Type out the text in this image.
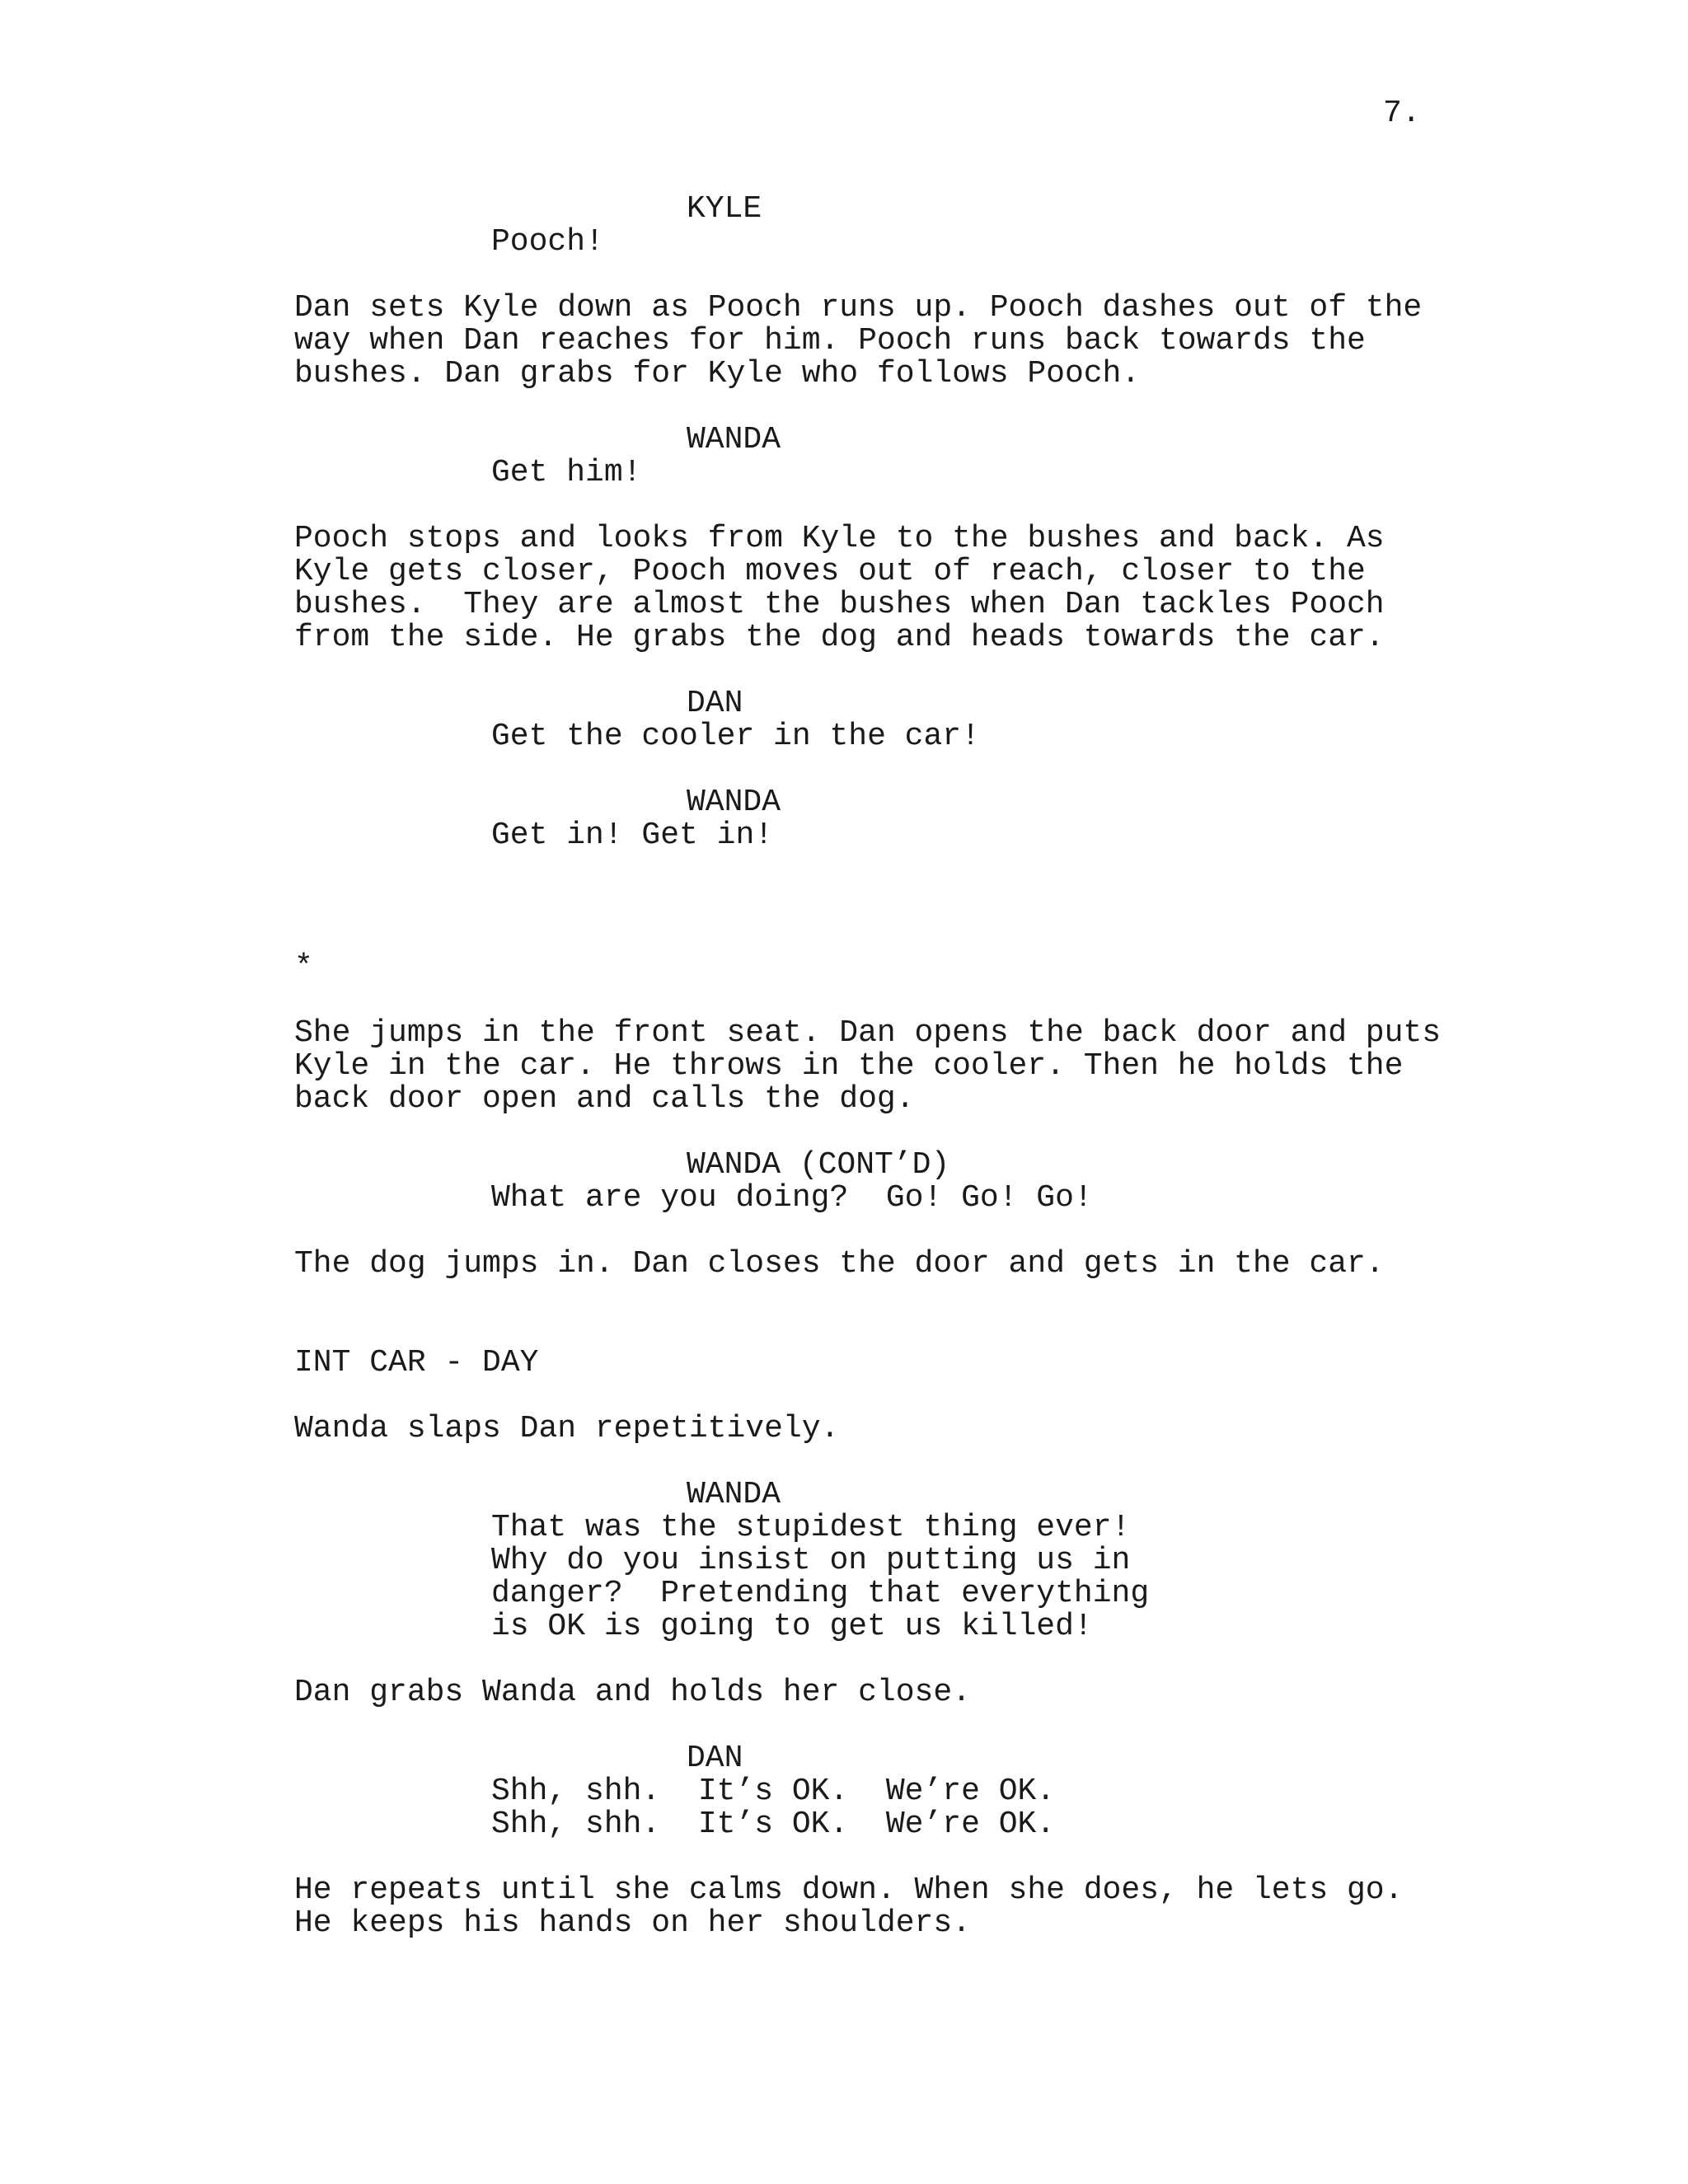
7.
KYLE
Pooch!
Dan sets Kyle down as Pooch runs up. Pooch dashes out of the
way when Dan reaches for him. Pooch runs back towards the
bushes. Dan grabs for Kyle who follows Pooch.
WANDA
Get him!
Pooch stops and looks from Kyle to the bushes and back. As
Kyle gets closer, Pooch moves out of reach, closer to the
bushes.  They are almost the bushes when Dan tackles Pooch
from the side. He grabs the dog and heads towards the car.
DAN
Get the cooler in the car!
WANDA
Get in! Get in!
*
She jumps in the front seat. Dan opens the back door and puts
Kyle in the car. He throws in the cooler. Then he holds the
back door open and calls the dog.
WANDA (CONT’D)
What are you doing?  Go! Go! Go!
The dog jumps in. Dan closes the door and gets in the car.
INT CAR - DAY
Wanda slaps Dan repetitively.
WANDA
That was the stupidest thing ever!
Why do you insist on putting us in
danger?  Pretending that everything
is OK is going to get us killed!
Dan grabs Wanda and holds her close.
DAN
Shh, shh.  It’s OK.  We’re OK.
Shh, shh.  It’s OK.  We’re OK.
He repeats until she calms down. When she does, he lets go.
He keeps his hands on her shoulders.
